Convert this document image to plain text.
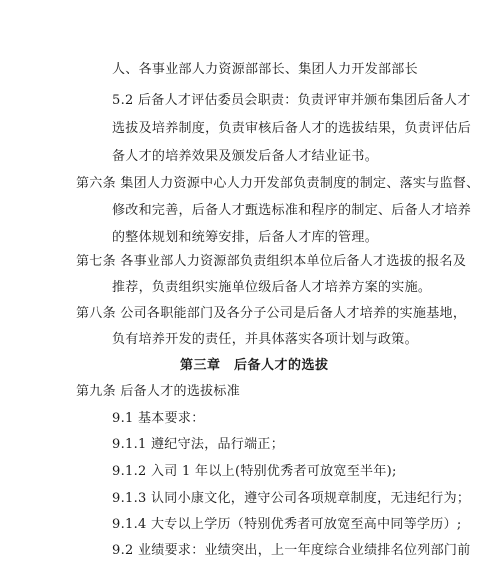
人、各事业部人力资源部部长、集团人力开发部部长
5.2 后备人才评估委员会职责：负责评审并颁布集团后备人才
选拔及培养制度，负责审核后备人才的选拔结果，负责评估后
备人才的培养效果及颁发后备人才结业证书。
第六条 集团人力资源中心人力开发部负责制度的制定、落实与监督、
修改和完善，后备人才甄选标准和程序的制定、后备人才培养
的整体规划和统筹安排，后备人才库的管理。
第七条 各事业部人力资源部负责组织本单位后备人才选拔的报名及
推荐，负责组织实施单位级后备人才培养方案的实施。
第八条 公司各职能部门及各分子公司是后备人才培养的实施基地，
负有培养开发的责任，并具体落实各项计划与政策。
第三章　后备人才的选拔
第九条 后备人才的选拔标准
9.1 基本要求：
9.1.1 遵纪守法，品行端正；
9.1.2 入司 1 年以上(特别优秀者可放宽至半年);
9.1.3 认同小康文化，遵守公司各项规章制度，无违纪行为；
9.1.4 大专以上学历（特别优秀者可放宽至高中同等学历）;
9.2 业绩要求：业绩突出，上一年度综合业绩排名位列部门前
